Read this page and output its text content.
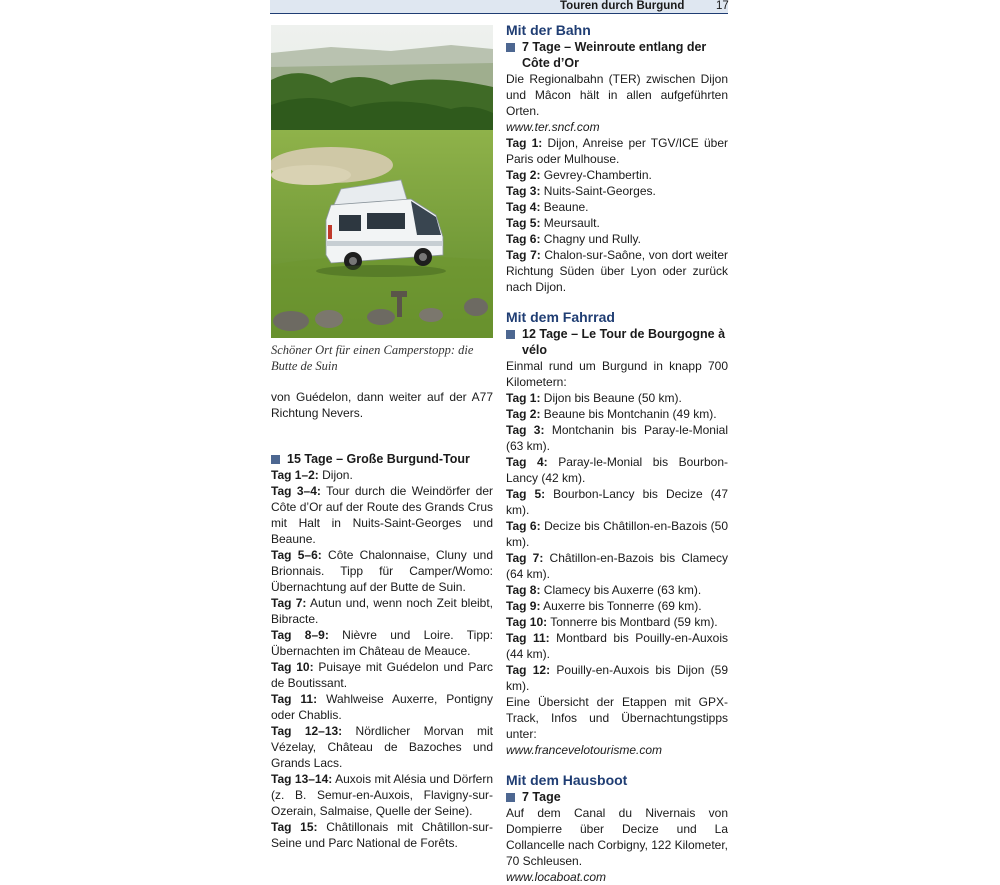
Touren durch Burgund	17
Schöner Ort für einen Camperstopp: die Butte de Suin

von Guédelon, dann weiter auf der A77 Richtung Nevers.

15 Tage – Große Burgund-Tour

Tag 1–2: Dijon.

Tag 3–4: Tour durch die Weindörfer der Côte d’Or auf der Route des Grands Crus mit Halt in Nuits-Saint-Georges und Beaune.

Tag 5–6: Côte Chalonnaise, Cluny und Brionnais. Tipp für Camper/Womo: Übernachtung auf der Butte de Suin.

Tag 7: Autun und, wenn noch Zeit bleibt, Bibracte.

Tag 8–9: Nièvre und Loire. Tipp: Übernachten im Château de Meauce.

Tag 10: Puisaye mit Guédelon und Parc de Boutissant.

Tag 11: Wahlweise Auxerre, Pontigny oder Chablis.

Tag 12–13: Nördlicher Morvan mit Vézelay, Château de Bazoches und Grands Lacs.

Tag 13–14: Auxois mit Alésia und Dörfern (z. B. Semur-en-Auxois, Flavigny-sur-Ozerain, Salmaise, Quelle der Seine).

Tag 15: Châtillonais mit Châtillon-sur-Seine und Parc National de Forêts.

Mit der Bahn
7 Tage – Weinroute entlang der Côte d’Or

Die Regionalbahn (TER) zwischen Dijon und Mâcon hält in allen aufgeführten Orten.

www.ter.sncf.com

Tag 1: Dijon, Anreise per TGV/ICE über Paris oder Mulhouse.

Tag 2: Gevrey-Chambertin.

Tag 3: Nuits-Saint-Georges.

Tag 4: Beaune.

Tag 5: Meursault.

Tag 6: Chagny und Rully.

Tag 7: Chalon-sur-Saône, von dort weiter Richtung Süden über Lyon oder zurück nach Dijon.

Mit dem Fahrrad
12 Tage – Le Tour de Bourgogne à vélo

Einmal rund um Burgund in knapp 700 Kilometern:

Tag 1: Dijon bis Beaune (50 km).

Tag 2: Beaune bis Montchanin (49 km).

Tag 3: Montchanin bis Paray-le-Monial (63 km).

Tag 4: Paray-le-Monial bis Bourbon-Lancy (42 km).

Tag 5: Bourbon-Lancy bis Decize (47 km).

Tag 6: Decize bis Châtillon-en-Bazois (50 km).

Tag 7: Châtillon-en-Bazois bis Clamecy (64 km).

Tag 8: Clamecy bis Auxerre (63 km).

Tag 9: Auxerre bis Tonnerre (69 km).

Tag 10: Tonnerre bis Montbard (59 km).

Tag 11: Montbard bis Pouilly-en-Auxois (44 km).

Tag 12: Pouilly-en-Auxois bis Dijon (59 km).

Eine Übersicht der Etappen mit GPX-Track, Infos und Übernachtungstipps unter:

www.francevelotourisme.com

Mit dem Hausboot
7 Tage

Auf dem Canal du Nivernais von Dompierre über Decize und La Collancelle nach Corbigny, 122 Kilometer, 70 Schleusen.

www.locaboat.com
